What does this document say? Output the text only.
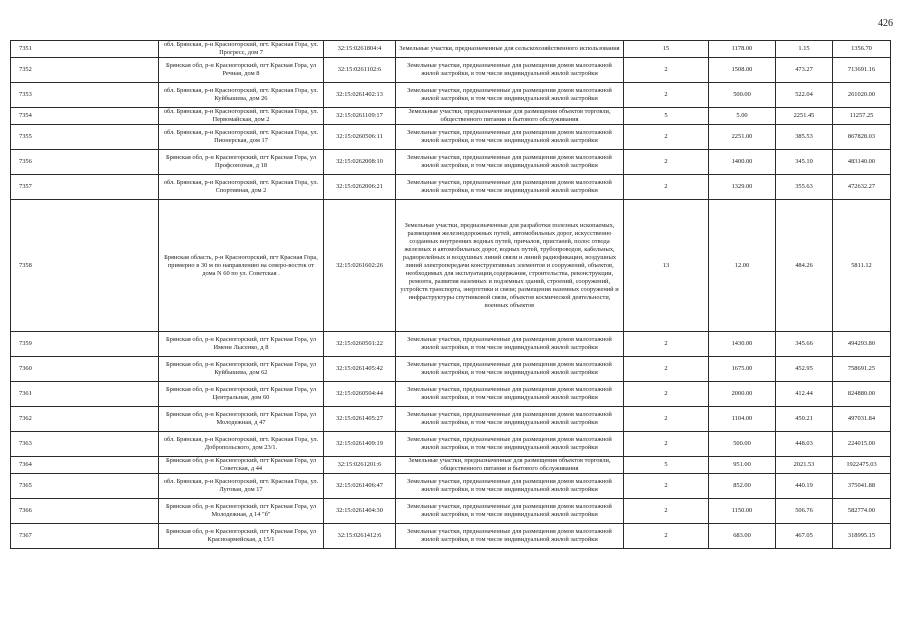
426
7351	обл. Брянская, р-н Красногорский, пгт. Красная Гора, ул. Прогресс, дом 7	32:15:0261804:4	Земельные участки, предназначенные для сельскохозяйственного использования	15	1178.00	1.15	1356.70
7352	Брянская обл, р-н Красногорский, пгт Красная Гора, ул Речная, дом 8	32:15:0261102:6	Земельные участки, предназначенные для размещения домов малоэтажной жилой застройки, в том числе индивидуальной жилой застройки	2	1508.00	473.27	713691.16
7353	обл. Брянская, р-н Красногорский, пгт. Красная Гора, ул. Куйбышева, дом 26	32:15:0261402:13	Земельные участки, предназначенные для размещения домов малоэтажной жилой застройки, в том числе индивидуальной жилой застройки	2	500.00	522.04	261020.00
7354	обл. Брянская, р-н Красногорский, пгт. Красная Гора, ул. Первомайская, дом 2	32:15:0261109:17	Земельные участки, предназначенные для размещения объектов торговли, общественного питания и бытового обслуживания	5	5.00	2251.45	11257.25
7355	обл. Брянская, р-н Красногорский, пгт. Красная Гора, ул. Пионерская, дом 17	32:15:0260506:11	Земельные участки, предназначенные для размещения домов малоэтажной жилой застройки, в том числе индивидуальной жилой застройки	2	2251.00	385.53	867828.03
7356	Брянская обл, р-н Красногорский, пгт Красная Гора, ул Профсоюзная, д 18	32:15:0262008:10	Земельные участки, предназначенные для размещения домов малоэтажной жилой застройки, в том числе индивидуальной жилой застройки	2	1400.00	345.10	483140.00
7357	обл. Брянская, р-н Красногорский, пгт. Красная Гора, ул. Спортивная, дом 2	32:15:0262006:21	Земельные участки, предназначенные для размещения домов малоэтажной жилой застройки, в том числе индивидуальной жилой застройки	2	1329.00	355.63	472632.27
7358	Брянская область, р-н Красногорский, пгт Красная Гора, примерно в 30 м по направлению на северо-восток от дома N 60 по ул. Советская .	32:15:0261602:26	Земельные участки, предназначенные для разработки полезных ископаемых, размещения железнодорожных путей, автомобильных дорог, искусственно созданных внутренних водных путей, причалов, пристаней, полос отвода железных и автомобильных дорог, водных путей, трубопроводов, кабельных, радиорелейных и воздушных линий связи и линий радиофикации, воздушных линий электропередачи конструктивных элементов и сооружений, объектов, необходимых для эксплуатации,содержания, строительства, реконструкции, ремонта, развития наземных и подземных зданий, строений, сооружений, устройств транспорта, энергетики и связи; размещения наземных сооружений и инфраструктуры спутниковой связи, объектов космической деятельности, военных объектов	13	12.00	484.26	5811.12
7359	Брянская обл, р-н Красногорский, пгт Красная Гора, ул Имени Лысенко, д 8	32:15:0260501:22	Земельные участки, предназначенные для размещения домов малоэтажной жилой застройки, в том числе индивидуальной жилой застройки	2	1430.00	345.66	494293.80
7360	Брянская обл, р-н Красногорский, пгт Красная Гора, ул Куйбышева, дом 62	32:15:0261405:42	Земельные участки, предназначенные для размещения домов малоэтажной жилой застройки, в том числе индивидуальной жилой застройки	2	1675.00	452.95	758691.25
7361	Брянская обл, р-н Красногорский, пгт Красная Гора, ул Центральная, дом 60	32:15:0260504:44	Земельные участки, предназначенные для размещения домов малоэтажной жилой застройки, в том числе индивидуальной жилой застройки	2	2000.00	412.44	824880.00
7362	Брянская обл, р-н Красногорский, пгт Красная Гора, ул Молодежная, д 47	32:15:0261405:27	Земельные участки, предназначенные для размещения домов малоэтажной жилой застройки, в том числе индивидуальной жилой застройки	2	1104.00	450.21	497031.84
7363	обл. Брянская, р-н Красногорский, пгт. Красная Гора, ул. Добропольского, дом 23/1.	32:15:0261409:19	Земельные участки, предназначенные для размещения домов малоэтажной жилой застройки, в том числе индивидуальной жилой застройки	2	500.00	448.03	224015.00
7364	Брянская обл, р-н Красногорский, пгт Красная Гора, ул Советская, д 44	32:15:0261201:6	Земельные участки, предназначенные для размещения объектов торговли, общественного питания и бытового обслуживания	5	951.00	2021.53	1922475.03
7365	обл. Брянская, р-н Красногорский, пгт. Красная Гора, ул. Луговая, дом 17	32:15:0261406:47	Земельные участки, предназначенные для размещения домов малоэтажной жилой застройки, в том числе индивидуальной жилой застройки	2	852.00	440.19	375041.88
7366	Брянская обл, р-н Красногорский, пгт Красная Гора, ул Молодежная, д 14 "б"	32:15:0261404:30	Земельные участки, предназначенные для размещения домов малоэтажной жилой застройки, в том числе индивидуальной жилой застройки	2	1150.00	506.76	582774.00
7367	Брянская обл, р-н Красногорский, пгт Красная Гора, ул Красноармейская, д 15/1	32:15:0261412:6	Земельные участки, предназначенные для размещения домов малоэтажной жилой застройки, в том числе индивидуальной жилой застройки	2	683.00	467.05	318995.15
